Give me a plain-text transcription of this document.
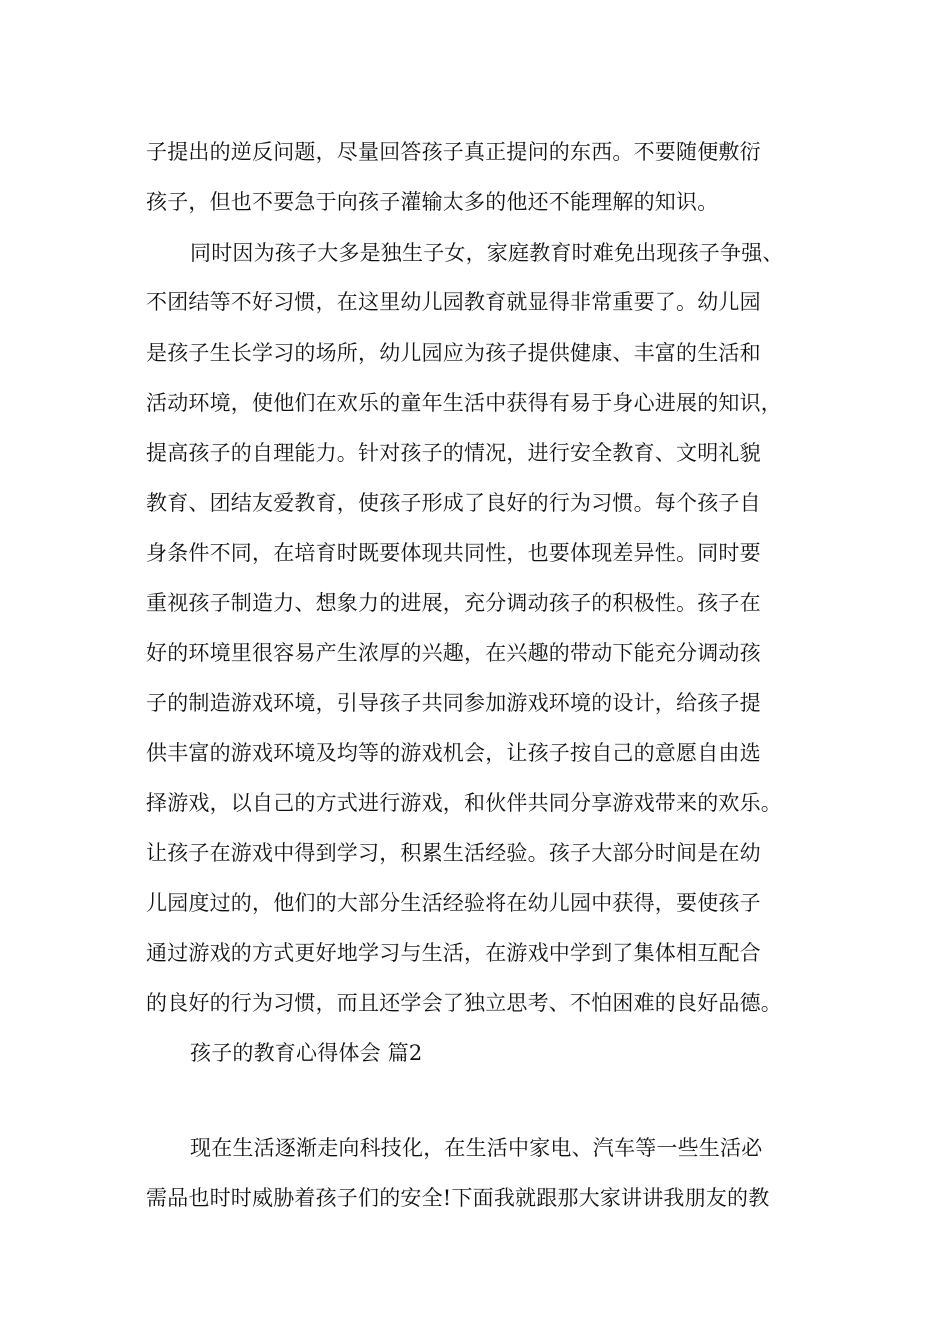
子提出的逆反问题，尽量回答孩子真正提问的东西。不要随便敷衍
孩子，但也不要急于向孩子灌输太多的他还不能理解的知识。
同时因为孩子大多是独生子女，家庭教育时难免出现孩子争强、
不团结等不好习惯，在这里幼儿园教育就显得非常重要了。幼儿园
是孩子生长学习的场所，幼儿园应为孩子提供健康、丰富的生活和
活动环境，使他们在欢乐的童年生活中获得有易于身心进展的知识，
提高孩子的自理能力。针对孩子的情况，进行安全教育、文明礼貌
教育、团结友爱教育，使孩子形成了良好的行为习惯。每个孩子自
身条件不同，在培育时既要体现共同性，也要体现差异性。同时要
重视孩子制造力、想象力的进展，充分调动孩子的积极性。孩子在
好的环境里很容易产生浓厚的兴趣，在兴趣的带动下能充分调动孩
子的制造游戏环境，引导孩子共同参加游戏环境的设计，给孩子提
供丰富的游戏环境及均等的游戏机会，让孩子按自己的意愿自由选
择游戏，以自己的方式进行游戏，和伙伴共同分享游戏带来的欢乐。
让孩子在游戏中得到学习，积累生活经验。孩子大部分时间是在幼
儿园度过的，他们的大部分生活经验将在幼儿园中获得，要使孩子
通过游戏的方式更好地学习与生活，在游戏中学到了集体相互配合
的良好的行为习惯，而且还学会了独立思考、不怕困难的良好品德。
孩子的教育心得体会 篇2
现在生活逐渐走向科技化，在生活中家电、汽车等一些生活必
需品也时时威胁着孩子们的安全!下面我就跟那大家讲讲我朋友的教
